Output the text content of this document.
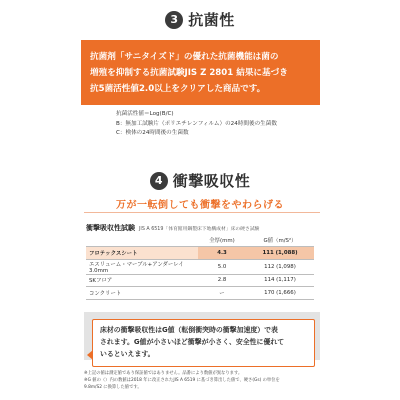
3 抗菌性
抗菌剤「サニタイズド」の優れた抗菌機能は菌の
増殖を抑制する抗菌試験JIS Z 2801 結果に基づき
抗5菌活性値2.0以上をクリアした商品です。
抗菌活性値＝Log(B/C)
B：無加工試験片（ポリエチレンフィルム）の24時間後の生菌数
C：検体の24時間後の生菌数
4 衝撃吸収性
万が一転倒しても衝撃をやわらげる
衝撃吸収性試験 JIS A 6519「体育館用鋼製床下地構成材」床の硬さ試験
	全厚(mm)	G値（m/S²）
フロテックスシート	4.3	111 (1,088)
エスリューム・マーブル+アンダーレイ3.0mm	5.0	112 (1,098)
SKフロア	2.8	114 (1,117)
コンクリート	ー	170 (1,666)
床材の衝撃吸収性はG値（転倒衝突時の衝撃加速度）で表
されます。G値が小さいほど衝撃が小さく、安全性に優れて
いるといえます。
※上記の値は測定値であり保証値ではありません。品番により数値が異なります。
※G 値の（）内の数値は2018 年に改正されたJIS A 6519 に基づき算出した値で、硬さ(Gs) の単位を
9.8m/S2 に換算した値です。
